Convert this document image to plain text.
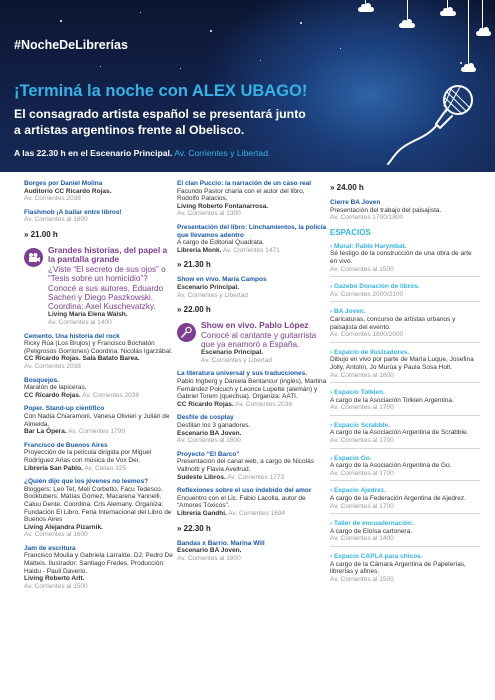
#NocheDeLibrerías
¡Terminá la noche con ALEX UBAGO!
El consagrado artista español se presentará junto
a artistas argentinos frente al Obelisco.
A las 22.30 h en el Escenario Principal. Av. Corrientes y Libertad.
Borges por Daniel Molina
Auditorio CC Ricardo Rojas.
Av. Corrientes 2038
Flashmob ¡A bailar entre libros!
Av. Corrientes al 1800
» 21.00 h
Grandes historias, del papel a la pantalla grande
¿Viste “El secreto de sus ojos” o “Tesis sobre un homicidio”? Conocé a sus autores, Eduardo Sacheri y Diego Paszkowski. Coordina: Axel Kuschevatzky.
Living María Elena Walsh.
Av. Corrientes al 1400
Cemento. Una historia del rock
Ricky Rúa (Los Brujos) y Francisco Bochatón (Peligrosos Gorriones) Coordina: Nicolás Igarzábal.
CC Ricardo Rojas. Sala Batato Barea.
Av. Corrientes 2038
Bosquejos.
Maratón de lapiceras.
CC Ricardo Rojas. Av. Corrientes 2038
Poper. Stand-up científico
Con Nadia Chiaramoni, Vanesa Olivieri y Julián de Almeida.
Bar La Ópera. Av. Corrientes 1799
Francisco de Buenos Aires
Proyección de la película dirigida por Miguel Rodríguez Arias con música de Vox Dei.
Librería San Pablo. Av. Callao 325
¿Quién dijo que los jóvenes no leemos?
Bloggers: Leo Tet, Meli Corbetto, Facu Tedesco. Booktubers: Matías Gómez, Macarena Yannelli, Caluu Dente. Coordina: Cris Alemany. Organiza: Fundación El Libro. Feria Internacional del Libro de Buenos Aires
Living Alejandra Pizarnik.
Av. Corrientes al 1600
Jam de escritura
Francisco Moulia y Gabriela Larralde. DJ: Pedro De Matteis. Ilustrador: Santiago Fredes. Producción: Haidu - Pauli Daverio.
Living Roberto Arlt.
Av. Corrientes al 1500
El clan Puccio: la narración de un caso real
Facundo Pastor charla con el autor del libro, Rodolfo Palacios.
Living Roberto Fontanarrosa.
Av. Corrientes al 1300
Presentación del libro: Linchamientos, la policía que llevamos adentro
A cargo de Editorial Quadrata.
Librería Monk. Av. Corrientes 1471
» 21.30 h
Show en vivo. María Campos
Escenario Principal.
Av. Corrientes y Libertad
» 22.00 h
Show en vivo. Pablo López
Conocé al cantante y guitarrista que ya enamoró a España.
Escenario Principal.
Av. Corrientes y Libertad
La literatura universal y sus traducciones.
Pablo Ingberg y Daniela Bentancur (inglés), Martina Fernández Polcuch y Leonce Lupette (alemán) y Gabriel Torem (quechua). Organiza: AATI.
CC Ricardo Rojas. Av. Corrientes 2038
Desfile de cosplay
Desfilan los 3 ganadores.
Escenario BA Joven.
Av. Corrientes al 1800
Proyecto “El Barco”
Presentación del canal web, a cargo de Nicolás Vallnotti y Flavia Avellrud.
Sudeste Libros. Av. Corrientes 1773
Reflexiones sobre el uso indebido del amor
Encuentro con el Lic. Fabio Lacolla, autor de “Amores Tóxicos”.
Librería Gandhi. Av. Corrientes 1694
» 22.30 h
Bandas x Barrio. Marina Will
Escenario BA Joven.
Av. Corrientes al 1800
» 24.00 h
Cierre BA Joven
Presentación del trabajo del paisajista.
Av. Corrientes 1700/1800
ESPACIOS
› Mural: Pablo Harymbat.
Sé testigo de la construcción de una obra de arte en vivo.
Av. Corrientes al 1500
› Gazebo Donación de libros.
Av. Corrientes 2000/2100
› BA Joven.
Caricaturas, concurso de artistas urbanos y paisajista del evento.
Av. Corrientes 1800/2000
› Espacio de Ilustradores.
Dibujo en vivo por parte de María Luque, Josefina Jolly, Antolín, Jo Murúa y Paula Sosa Holt.
Av. Corrientes al 1600
› Espacio Tolkien.
A cargo de la Asociación Tolkien Argentina.
Av. Corrientes al 1700
› Espacio Scrabble.
A cargo de la Asociación Argentina de Scrabble.
Av. Corrientes al 1700
› Espacio Go.
A cargo de la Asociación Argentina de Go.
Av. Corrientes al 1700
› Espacio Ajedrez.
A cargo de la Federación Argentina de Ajedrez.
Av. Corrientes al 1700
› Taller de encuadernación.
A cargo de Eloísa cartonera.
Av. Corrientes al 1400
› Espacio CAPLA para chicos.
A cargo de la Cámara Argentina de Papelerías, librerías y afines.
Av. Corrientes al 1500
